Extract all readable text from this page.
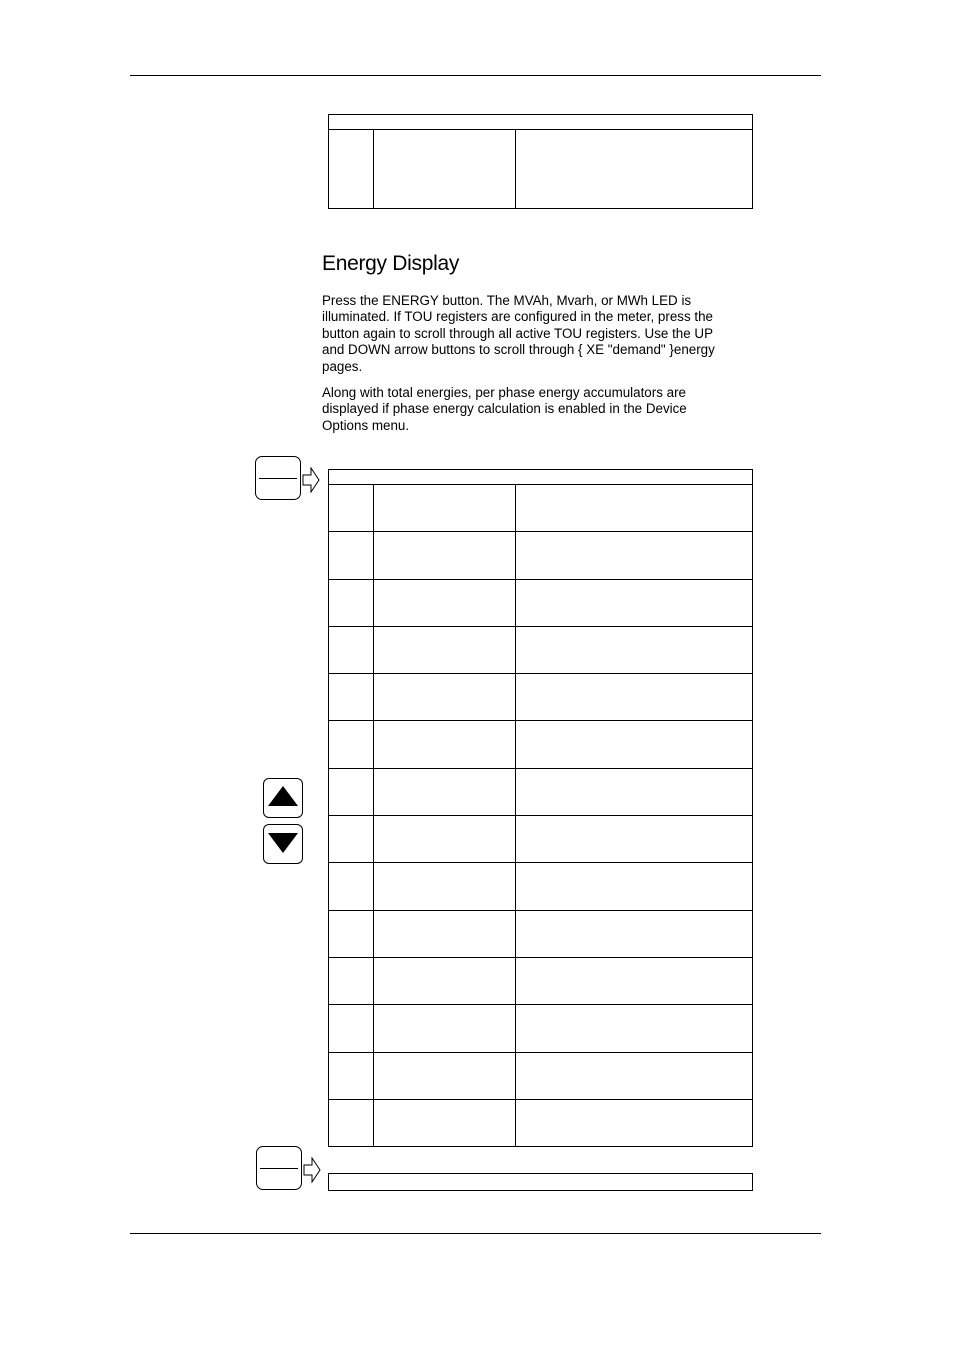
Energy Display

Press the ENERGY button. The MVAh, Mvarh, or MWh LED is illuminated. If TOU registers are configured in the meter, press the button again to scroll through all active TOU registers. Use the UP and DOWN arrow buttons to scroll through { XE "demand" }energy pages.

Along with total energies, per phase energy accumulators are displayed if phase energy calculation is enabled in the Device Options menu.
